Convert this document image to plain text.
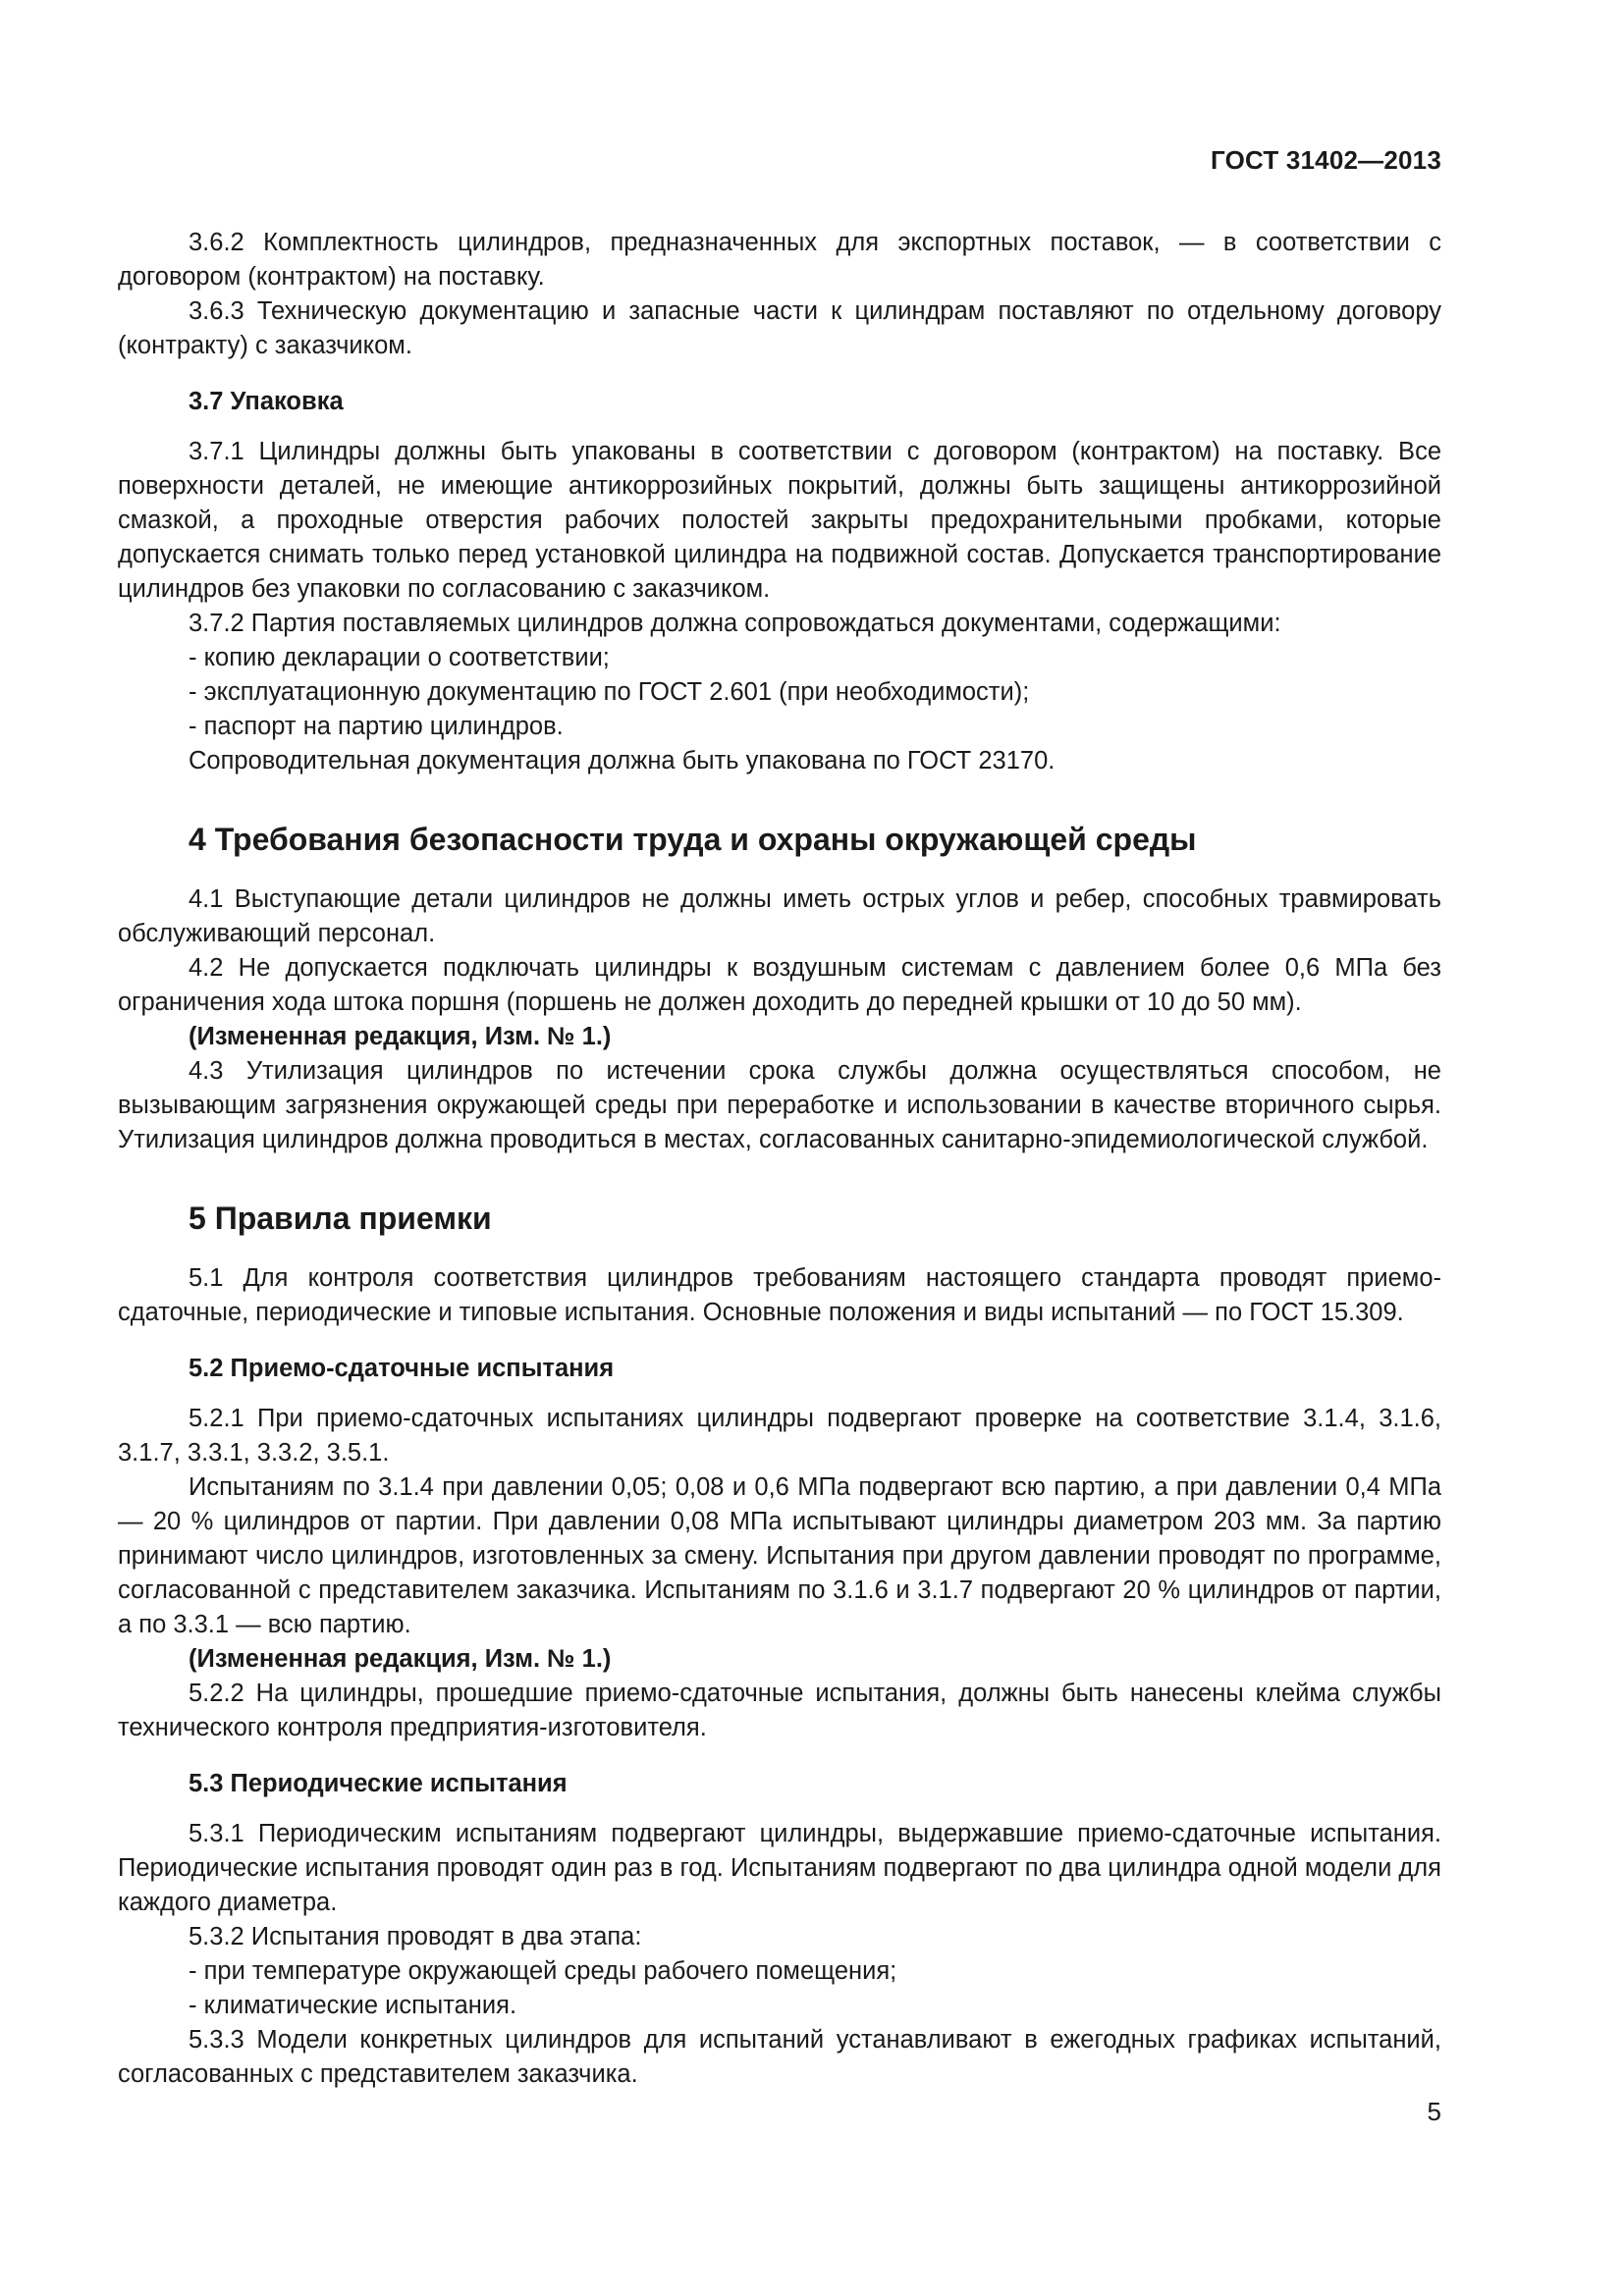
ГОСТ 31402—2013

3.6.2 Комплектность цилиндров, предназначенных для экспортных поставок, — в соответствии с договором (контрактом) на поставку.

3.6.3 Техническую документацию и запасные части к цилиндрам поставляют по отдельному договору (контракту) с заказчиком.

3.7 Упаковка

3.7.1 Цилиндры должны быть упакованы в соответствии с договором (контрактом) на поставку. Все поверхности деталей, не имеющие антикоррозийных покрытий, должны быть защищены антикоррозийной смазкой, а проходные отверстия рабочих полостей закрыты предохранительными пробками, которые допускается снимать только перед установкой цилиндра на подвижной состав. Допускается транспортирование цилиндров без упаковки по согласованию с заказчиком.

3.7.2 Партия поставляемых цилиндров должна сопровождаться документами, содержащими:

- копию декларации о соответствии;

- эксплуатационную документацию по ГОСТ 2.601 (при необходимости);

- паспорт на партию цилиндров.

Сопроводительная документация должна быть упакована по ГОСТ 23170.

4 Требования безопасности труда и охраны окружающей среды

4.1 Выступающие детали цилиндров не должны иметь острых углов и ребер, способных травмировать обслуживающий персонал.

4.2 Не допускается подключать цилиндры к воздушным системам с давлением более 0,6 МПа без ограничения хода штока поршня (поршень не должен доходить до передней крышки от 10 до 50 мм).

(Измененная редакция, Изм. № 1.)

4.3 Утилизация цилиндров по истечении срока службы должна осуществляться способом, не вызывающим загрязнения окружающей среды при переработке и использовании в качестве вторичного сырья. Утилизация цилиндров должна проводиться в местах, согласованных санитарно-эпидемиологической службой.

5 Правила приемки

5.1 Для контроля соответствия цилиндров требованиям настоящего стандарта проводят приемо-сдаточные, периодические и типовые испытания. Основные положения и виды испытаний — по ГОСТ 15.309.

5.2 Приемо-сдаточные испытания

5.2.1 При приемо-сдаточных испытаниях цилиндры подвергают проверке на соответствие 3.1.4, 3.1.6, 3.1.7, 3.3.1, 3.3.2, 3.5.1.

Испытаниям по 3.1.4 при давлении 0,05; 0,08 и 0,6 МПа подвергают всю партию, а при давлении 0,4 МПа — 20 % цилиндров от партии. При давлении 0,08 МПа испытывают цилиндры диаметром 203 мм. За партию принимают число цилиндров, изготовленных за смену. Испытания при другом давлении проводят по программе, согласованной с представителем заказчика. Испытаниям по 3.1.6 и 3.1.7 подвергают 20 % цилиндров от партии, а по 3.3.1 — всю партию.

(Измененная редакция, Изм. № 1.)

5.2.2 На цилиндры, прошедшие приемо-сдаточные испытания, должны быть нанесены клейма службы технического контроля предприятия-изготовителя.

5.3 Периодические испытания

5.3.1 Периодическим испытаниям подвергают цилиндры, выдержавшие приемо-сдаточные испытания. Периодические испытания проводят один раз в год. Испытаниям подвергают по два цилиндра одной модели для каждого диаметра.

5.3.2 Испытания проводят в два этапа:

- при температуре окружающей среды рабочего помещения;

- климатические испытания.

5.3.3 Модели конкретных цилиндров для испытаний устанавливают в ежегодных графиках испытаний, согласованных с представителем заказчика.

5
